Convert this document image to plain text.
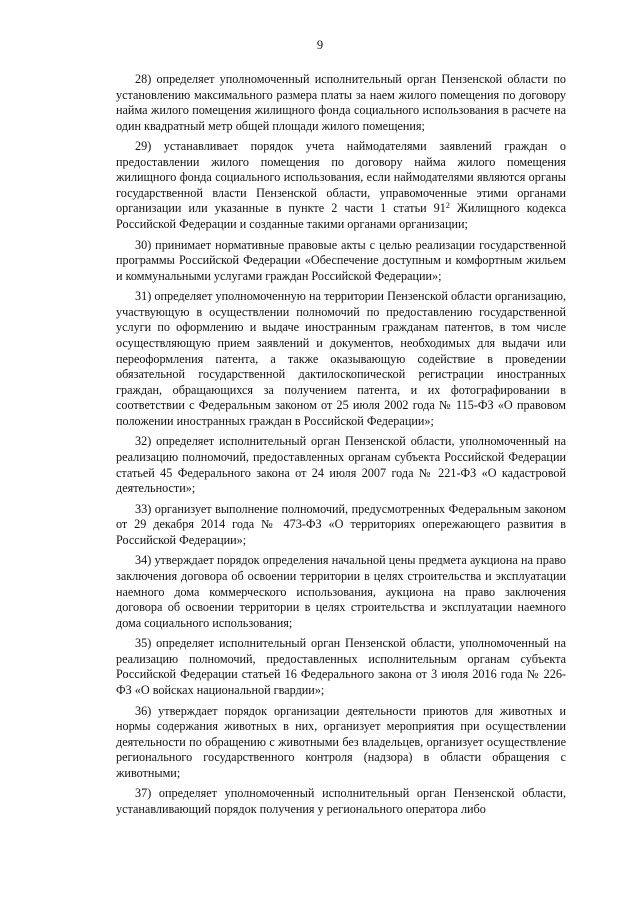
9

28) определяет уполномоченный исполнительный орган Пензенской области по установлению максимального размера платы за наем жилого помещения по договору найма жилого помещения жилищного фонда социального использования в расчете на один квадратный метр общей площади жилого помещения;

29) устанавливает порядок учета наймодателями заявлений граждан о предоставлении жилого помещения по договору найма жилого помещения жилищного фонда социального использования, если наймодателями являются органы государственной власти Пензенской области, управомоченные этими органами организации или указанные в пункте 2 части 1 статьи $91^2$ Жилищного кодекса Российской Федерации и созданные такими органами организации;

30) принимает нормативные правовые акты с целью реализации государственной программы Российской Федерации «Обеспечение доступным и комфортным жильем и коммунальными услугами граждан Российской Федерации»;

31) определяет уполномоченную на территории Пензенской области организацию, участвующую в осуществлении полномочий по предоставлению государственной услуги по оформлению и выдаче иностранным гражданам патентов, в том числе осуществляющую прием заявлений и документов, необходимых для выдачи или переоформления патента, а также оказывающую содействие в проведении обязательной государственной дактилоскопической регистрации иностранных граждан, обращающихся за получением патента, и их фотографировании в соответствии с Федеральным законом от 25 июля 2002 года № 115-ФЗ «О правовом положении иностранных граждан в Российской Федерации»;

32) определяет исполнительный орган Пензенской области, уполномоченный на реализацию полномочий, предоставленных органам субъекта Российской Федерации статьей 45 Федерального закона от 24 июля 2007 года № 221-ФЗ «О кадастровой деятельности»;

33) организует выполнение полномочий, предусмотренных Федеральным законом от 29 декабря 2014 года № 473-ФЗ «О территориях опережающего развития в Российской Федерации»;

34) утверждает порядок определения начальной цены предмета аукциона на право заключения договора об освоении территории в целях строительства и эксплуатации наемного дома коммерческого использования, аукциона на право заключения договора об освоении территории в целях строительства и эксплуатации наемного дома социального использования;

35) определяет исполнительный орган Пензенской области, уполномоченный на реализацию полномочий, предоставленных исполнительным органам субъекта Российской Федерации статьей 16 Федерального закона от 3 июля 2016 года № 226-ФЗ «О войсках национальной гвардии»;

36) утверждает порядок организации деятельности приютов для животных и нормы содержания животных в них, организует мероприятия при осуществлении деятельности по обращению с животными без владельцев, организует осуществление регионального государственного контроля (надзора) в области обращения с животными;

37) определяет уполномоченный исполнительный орган Пензенской области, устанавливающий порядок получения у регионального оператора либо
